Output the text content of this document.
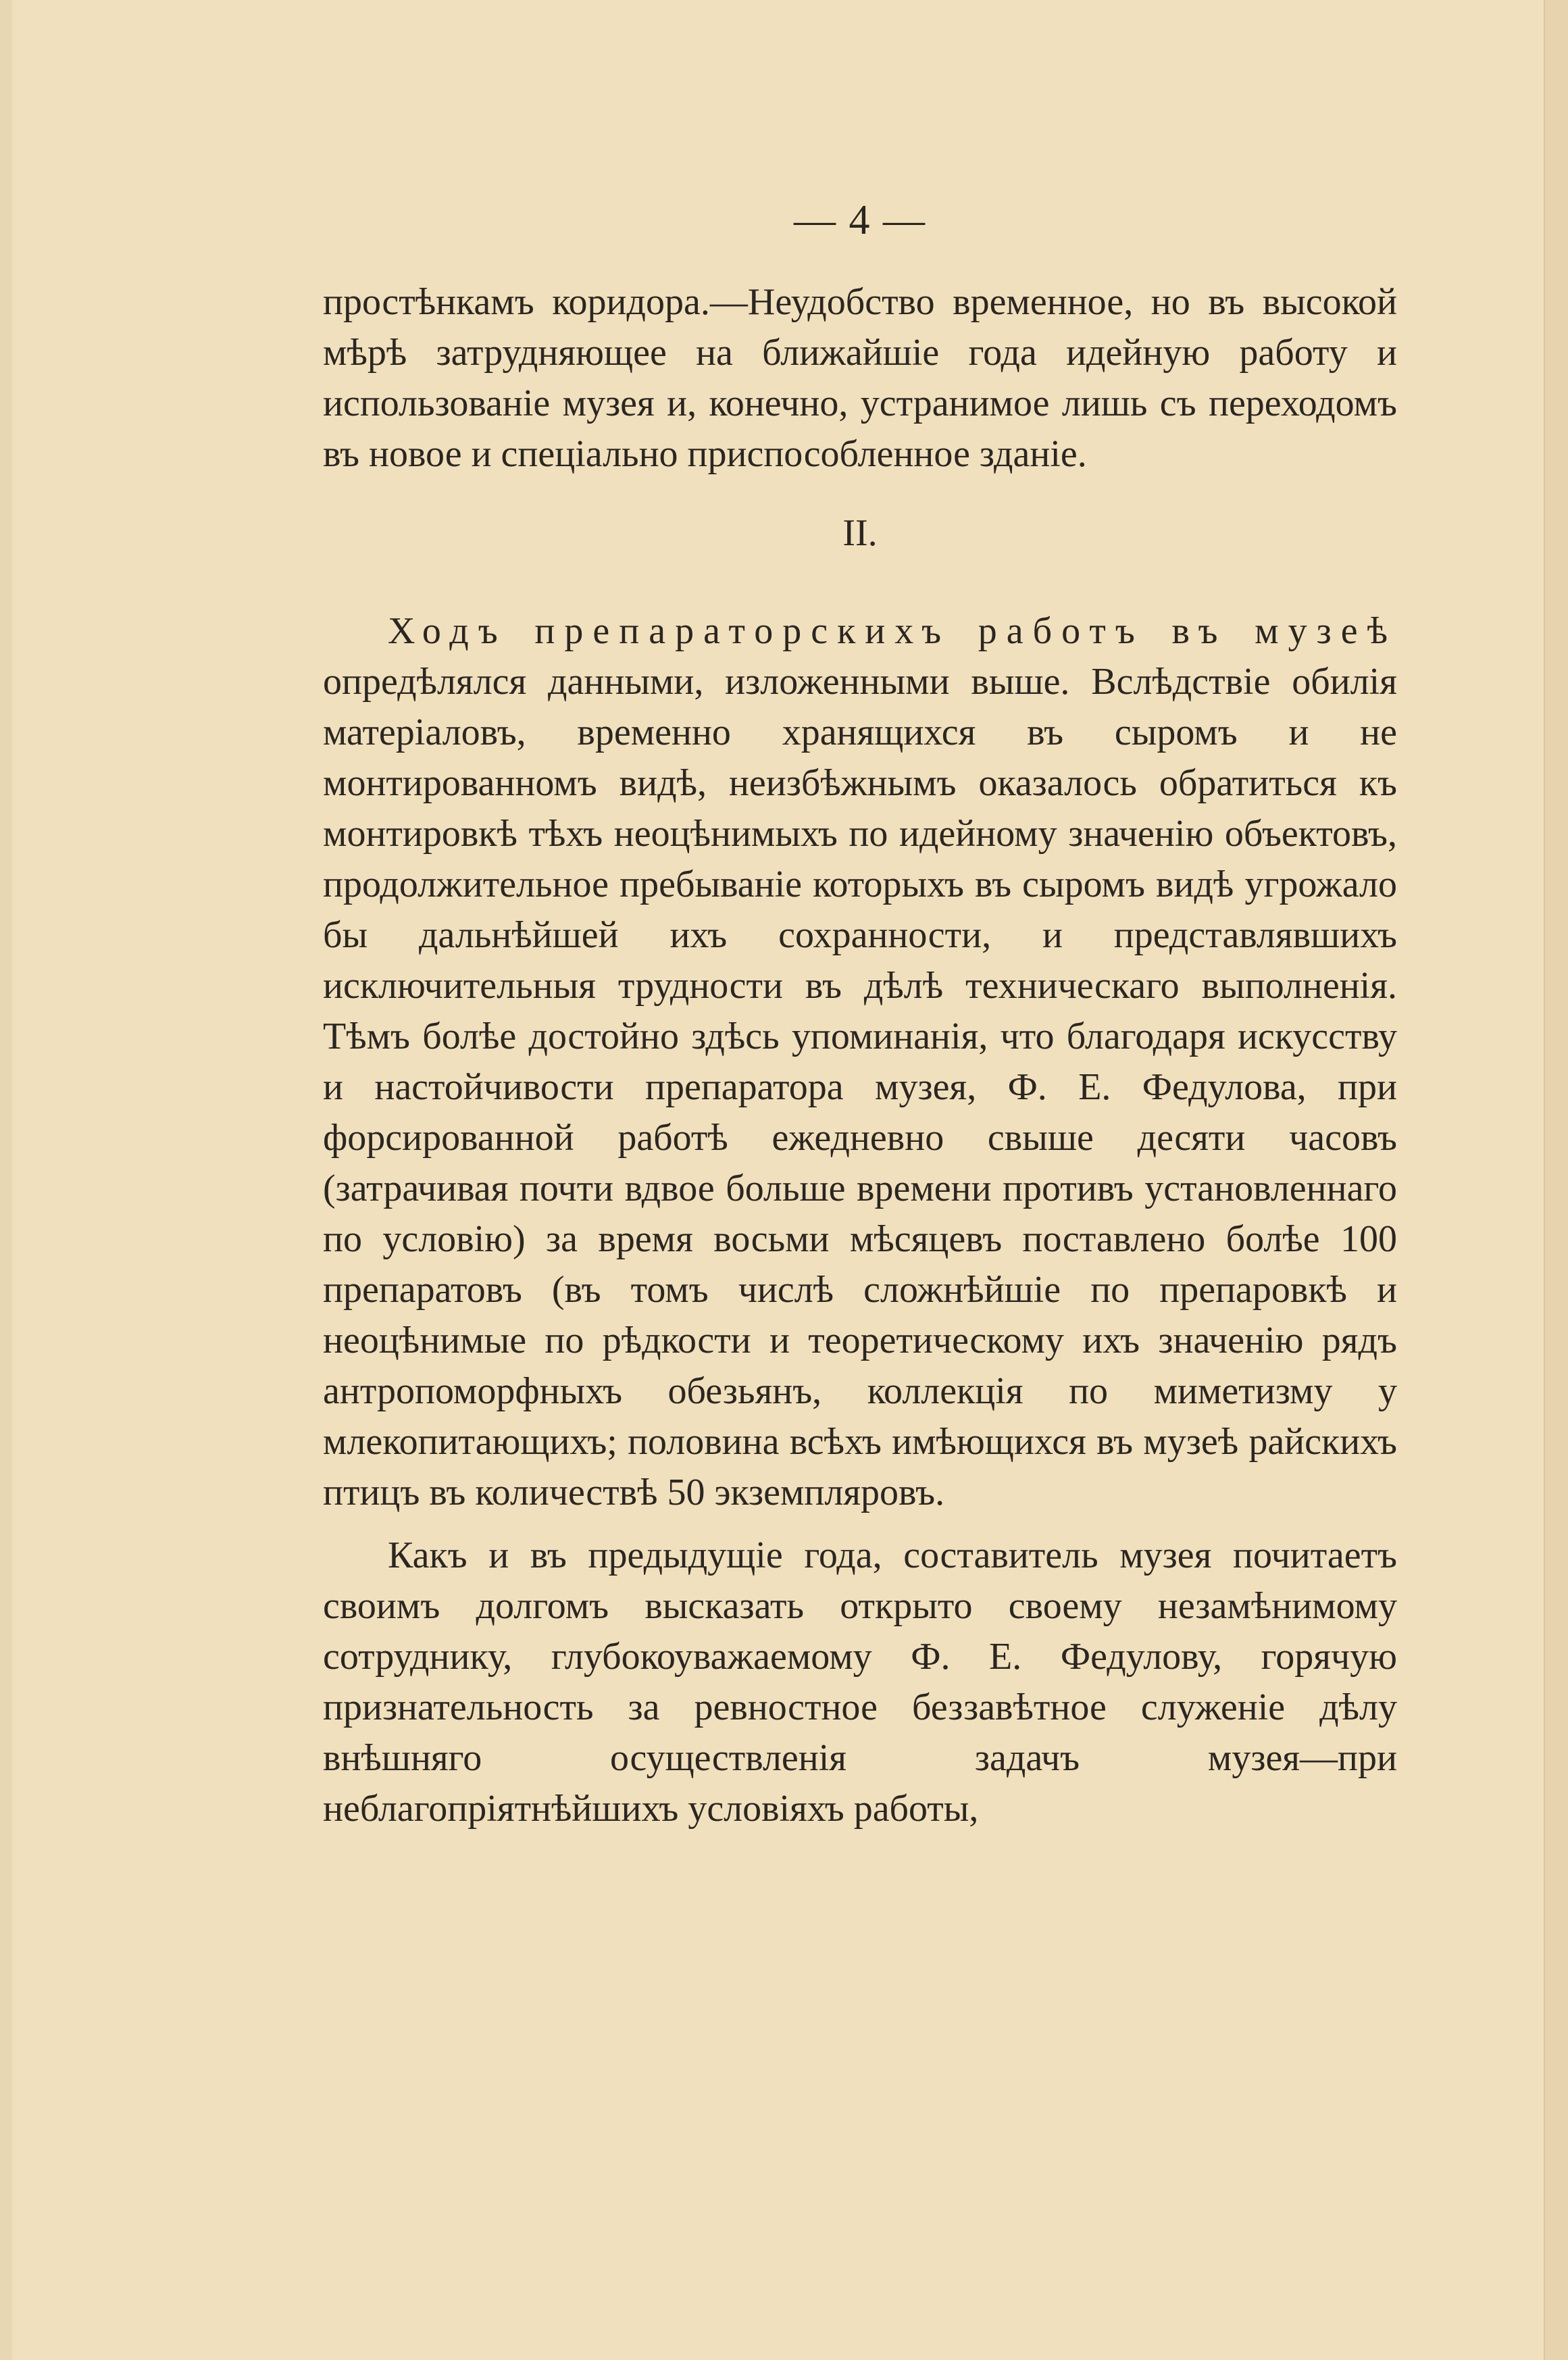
— 4 —

простѣнкамъ коридора.—Неудобство временное, но въ высокой мѣрѣ затрудняющее на ближайшіе года идейную работу и использованіе музея и, конечно, устранимое лишь съ переходомъ въ новое и спеціально приспособленное зданіе.

II.

Ходъ препараторскихъ работъ въ музеѣ опредѣлялся данными, изложенными выше. Вслѣдствіе обилія матеріаловъ, временно хранящихся въ сыромъ и не монтированномъ видѣ, неизбѣжнымъ оказалось обратиться къ монтировкѣ тѣхъ неоцѣнимыхъ по идейному значенію объектовъ, продолжительное пребываніе которыхъ въ сыромъ видѣ угрожало бы дальнѣйшей ихъ сохранности, и представлявшихъ исключительныя трудности въ дѣлѣ техническаго выполненія. Тѣмъ болѣе достойно здѣсь упоминанія, что благодаря искусству и настойчивости препаратора музея, Ф. Е. Федулова, при форсированной работѣ ежедневно свыше десяти часовъ (затрачивая почти вдвое больше времени противъ установленнаго по условію) за время восьми мѣсяцевъ поставлено болѣе 100 препаратовъ (въ томъ числѣ сложнѣйшіе по препаровкѣ и неоцѣнимые по рѣдкости и теоретическому ихъ значенію рядъ антропоморфныхъ обезьянъ, коллекція по миметизму у млекопитающихъ; половина всѣхъ имѣющихся въ музеѣ райскихъ птицъ въ количествѣ 50 экземпляровъ.

Какъ и въ предыдущіе года, составитель музея почитаетъ своимъ долгомъ высказать открыто своему незамѣнимому сотруднику, глубокоуважаемому Ф. Е. Федулову, горячую признательность за ревностное беззавѣтное служеніе дѣлу внѣшняго осуществленія задачъ музея—при неблагопріятнѣйшихъ условіяхъ работы,
